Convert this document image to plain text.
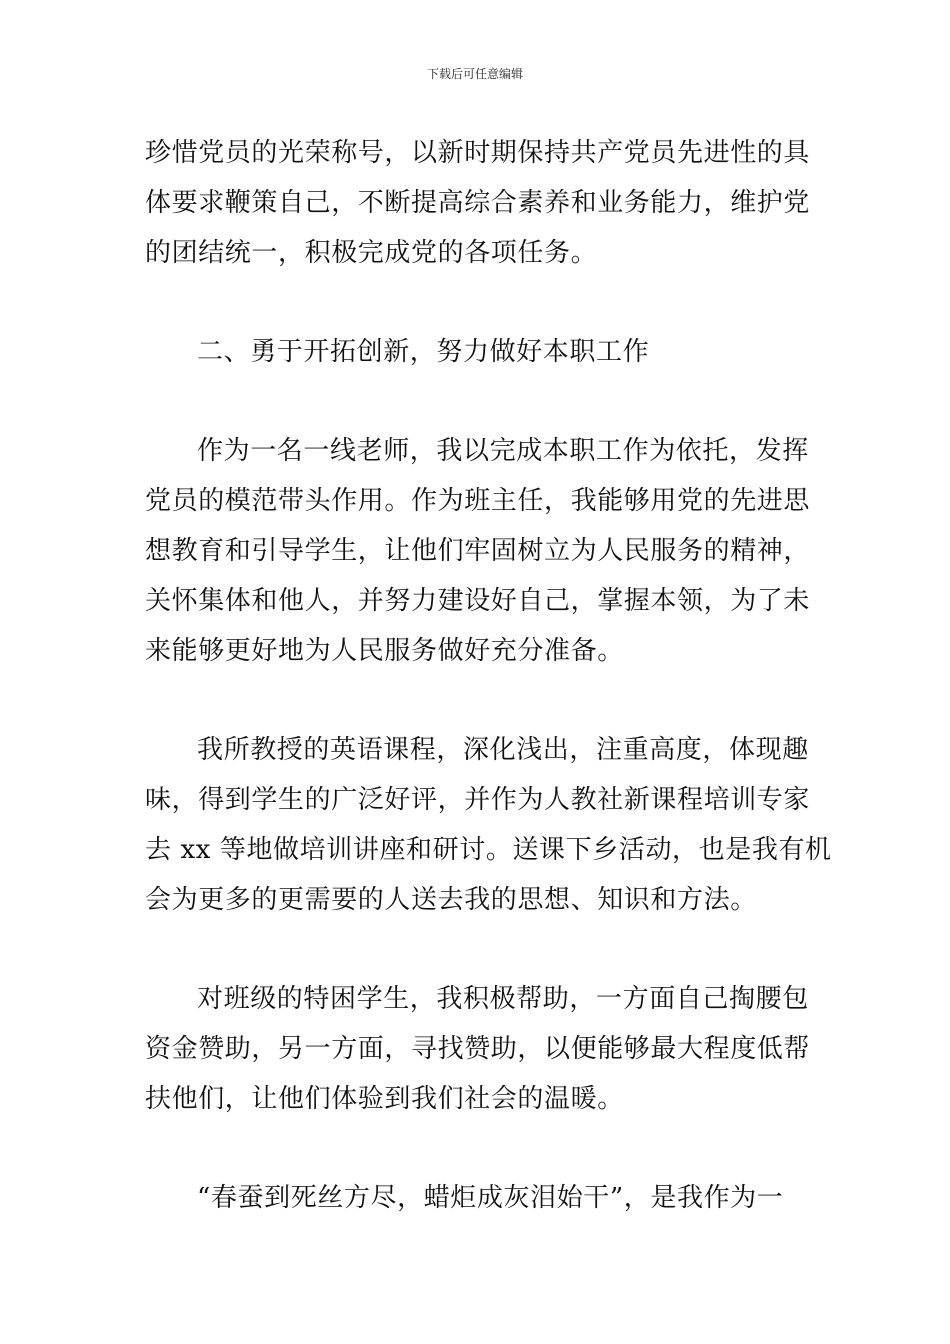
下载后可任意编辑
珍惜党员的光荣称号，以新时期保持共产党员先进性的具
体要求鞭策自己，不断提高综合素养和业务能力，维护党
的团结统一，积极完成党的各项任务。
二、勇于开拓创新，努力做好本职工作
作为一名一线老师，我以完成本职工作为依托，发挥
党员的模范带头作用。作为班主任，我能够用党的先进思
想教育和引导学生，让他们牢固树立为人民服务的精神，
关怀集体和他人，并努力建设好自己，掌握本领，为了未
来能够更好地为人民服务做好充分准备。
我所教授的英语课程，深化浅出，注重高度，体现趣
味，得到学生的广泛好评，并作为人教社新课程培训专家
去 xx 等地做培训讲座和研讨。送课下乡活动，也是我有机
会为更多的更需要的人送去我的思想、知识和方法。
对班级的特困学生，我积极帮助，一方面自己掏腰包
资金赞助，另一方面，寻找赞助，以便能够最大程度低帮
扶他们，让他们体验到我们社会的温暖。
“春蚕到死丝方尽，蜡炬成灰泪始干”，是我作为一
